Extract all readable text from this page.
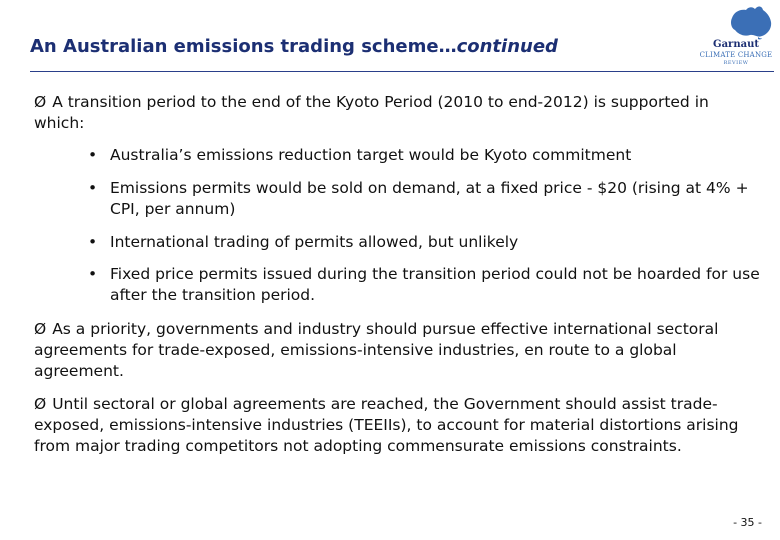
An Australian emissions trading scheme…continued	Garnaut
CLIMATE CHANGE
REVIEW
Ø A transition period to the end of the Kyoto Period (2010 to end-2012) is supported in which:
• Australia’s emissions reduction target would be Kyoto commitment
• Emissions permits would be sold on demand, at a fixed price - $20 (rising at 4% + CPI, per annum)
• International trading of permits allowed, but unlikely
• Fixed price permits issued during the transition period could not be hoarded for use after the transition period.
Ø As a priority, governments and industry should pursue effective international sectoral agreements for trade-exposed, emissions-intensive industries, en route to a global agreement.
Ø Until sectoral or global agreements are reached, the Government should assist trade-exposed, emissions-intensive industries (TEEIIs), to account for material distortions arising from major trading competitors not adopting commensurate emissions constraints.
- 35 -
